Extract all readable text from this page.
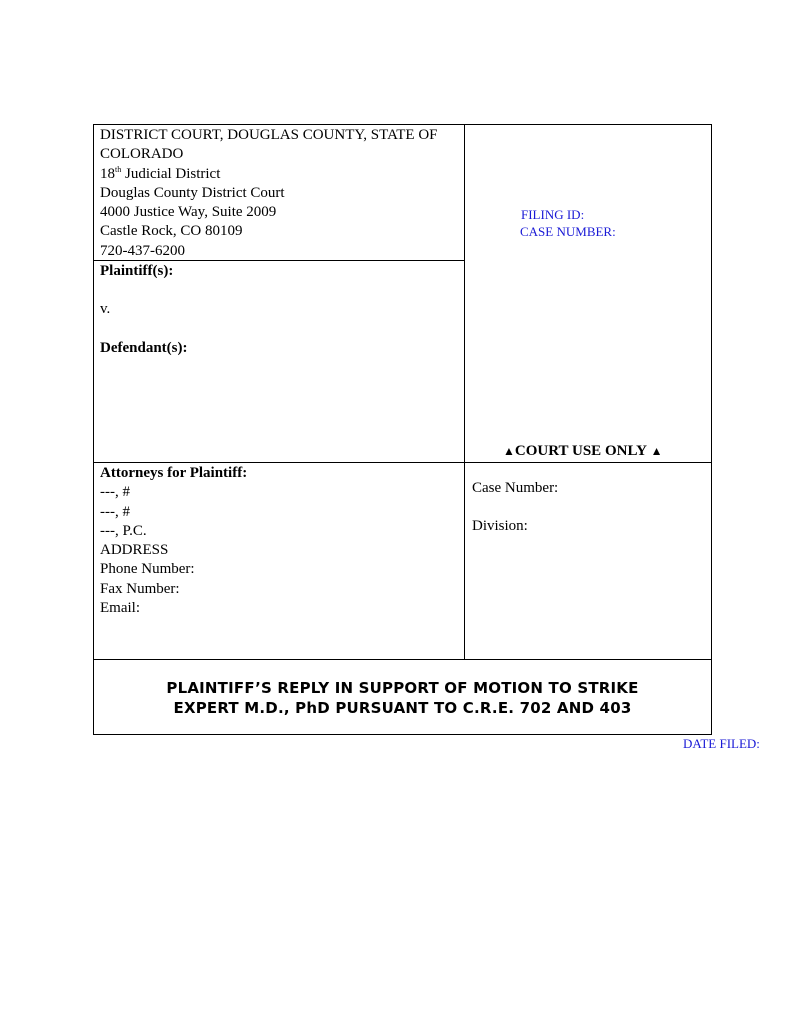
DISTRICT COURT, DOUGLAS COUNTY, STATE OF COLORADO
18th Judicial District
Douglas County District Court
4000 Justice Way, Suite 2009
Castle Rock, CO 80109
720-437-6200
Plaintiff(s):
v.
Defendant(s):
FILING ID:
CASE NUMBER:
▲COURT USE ONLY ▲
Attorneys for Plaintiff:
---, #
---, #
---, P.C.
ADDRESS
Phone Number:
Fax Number:
Email:
Case Number:
Division:
PLAINTIFF’S REPLY IN SUPPORT OF MOTION TO STRIKE
EXPERT M.D., PhD PURSUANT TO C.R.E. 702 AND 403
DATE FILED:
